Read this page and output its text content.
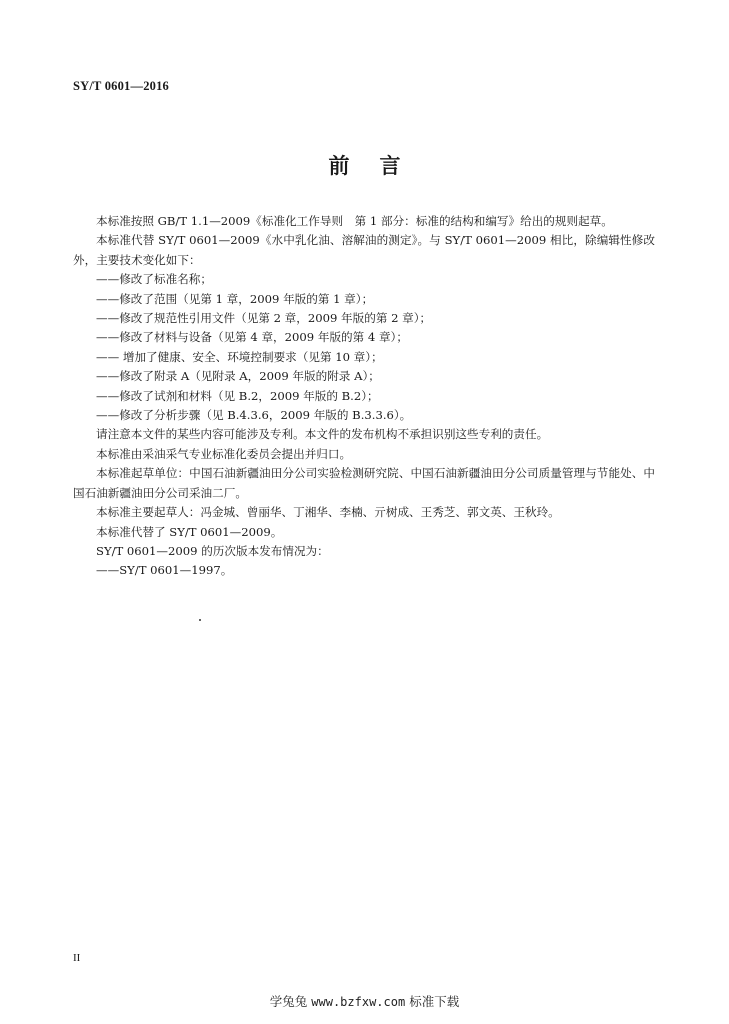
SY/T 0601—2016
前言

本标准按照 GB/T 1.1—2009《标准化工作导则　第 1 部分：标准的结构和编写》给出的规则起草。

本标准代替 SY/T 0601—2009《水中乳化油、溶解油的测定》。与 SY/T 0601—2009 相比，除编辑性修改外，主要技术变化如下：

——修改了标准名称；

——修改了范围（见第 1 章，2009 年版的第 1 章）；

——修改了规范性引用文件（见第 2 章，2009 年版的第 2 章）；

——修改了材料与设备（见第 4 章，2009 年版的第 4 章）；

—— 增加了健康、安全、环境控制要求（见第 10 章）；

——修改了附录 A（见附录 A，2009 年版的附录 A）；

——修改了试剂和材料（见 B.2，2009 年版的 B.2）；

——修改了分析步骤（见 B.4.3.6，2009 年版的 B.3.3.6）。

请注意本文件的某些内容可能涉及专利。本文件的发布机构不承担识别这些专利的责任。

本标准由采油采气专业标准化委员会提出并归口。

本标准起草单位：中国石油新疆油田分公司实验检测研究院、中国石油新疆油田分公司质量管理与节能处、中国石油新疆油田分公司采油二厂。

本标准主要起草人：冯金城、曾丽华、丁湘华、李楠、亓树成、王秀芝、郭文英、王秋玲。

本标准代替了 SY/T 0601—2009。

SY/T 0601—2009 的历次版本发布情况为：

——SY/T 0601—1997。

II
学兔兔 www.bzfxw.com 标准下载
